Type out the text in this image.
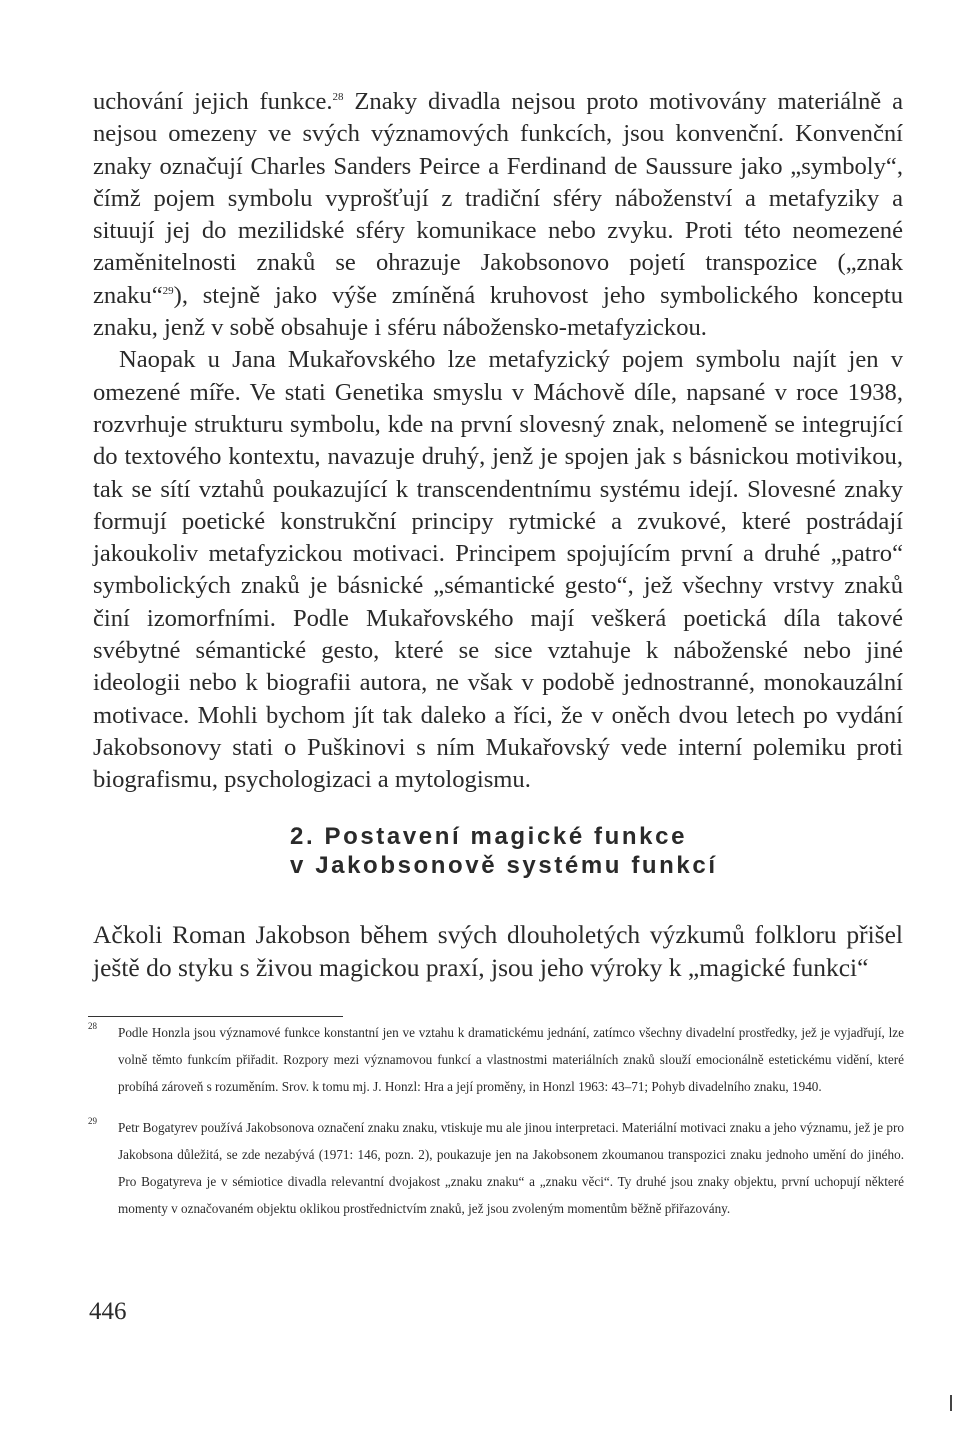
uchování jejich funkce.$^{28}$ Znaky divadla nejsou proto motivovány materiálně a nejsou omezeny ve svých významových funkcích, jsou konvenční. Konvenční znaky označují Charles Sanders Peirce a Ferdinand de Saussure jako „symboly“, čímž pojem symbolu vyprošťují z tradiční sféry náboženství a metafyziky a situují jej do mezilidské sféry komunikace nebo zvyku. Proti této neomezené zaměnitelnosti znaků se ohrazuje Jakobsonovo pojetí transpozice („znak znaku“$^{29}$), stejně jako výše zmíněná kruhovost jeho symbolického konceptu znaku, jenž v sobě obsahuje i sféru nábožensko-metafyzickou.

Naopak u Jana Mukařovského lze metafyzický pojem symbolu najít jen v omezené míře. Ve stati Genetika smyslu v Máchově díle, napsané v roce 1938, rozvrhuje strukturu symbolu, kde na první slovesný znak, nelomeně se integrující do textového kontextu, navazuje druhý, jenž je spojen jak s básnickou motivikou, tak se sítí vztahů poukazující k transcendentnímu systému idejí. Slovesné znaky formují poetické konstrukční principy rytmické a zvukové, které postrádají jakoukoliv metafyzickou motivaci. Principem spojujícím první a druhé „patro“ symbolických znaků je básnické „sémantické gesto“, jež všechny vrstvy znaků činí izomorfními. Podle Mukařovského mají veškerá poetická díla takové svébytné sémantické gesto, které se sice vztahuje k náboženské nebo jiné ideologii nebo k biografii autora, ne však v podobě jednostranné, monokauzální motivace. Mohli bychom jít tak daleko a říci, že v oněch dvou letech po vydání Jakobsonovy stati o Puškinovi s ním Mukařovský vede interní polemiku proti biografismu, psychologizaci a mytologismu.

2. Postavení magické funkce
v Jakobsonově systému funkcí

Ačkoli Roman Jakobson během svých dlouholetých výzkumů folkloru přišel ještě do styku s živou magickou praxí, jsou jeho výroky k „magické funkci“

28 Podle Honzla jsou významové funkce konstantní jen ve vztahu k dramatickému jednání, zatímco všechny divadelní prostředky, jež je vyjadřují, lze volně těmto funkcím přiřadit. Rozpory mezi významovou funkcí a vlastnostmi materiálních znaků slouží emocionálně estetickému vidění, které probíhá zároveň s rozuměním. Srov. k tomu mj. J. Honzl: Hra a její proměny, in Honzl 1963: 43–71; Pohyb divadelního znaku, 1940.
29 Petr Bogatyrev používá Jakobsonova označení znaku znaku, vtiskuje mu ale jinou interpretaci. Materiální motivaci znaku a jeho významu, jež je pro Jakobsona důležitá, se zde nezabývá (1971: 146, pozn. 2), poukazuje jen na Jakobsonem zkoumanou transpozici znaku jednoho umění do jiného. Pro Bogatyreva je v sémiotice divadla relevantní dvojakost „znaku znaku“ a „znaku věci“. Ty druhé jsou znaky objektu, první uchopují některé momenty v označovaném objektu oklikou prostřednictvím znaků, jež jsou zvoleným momentům běžně přiřazovány.
446
